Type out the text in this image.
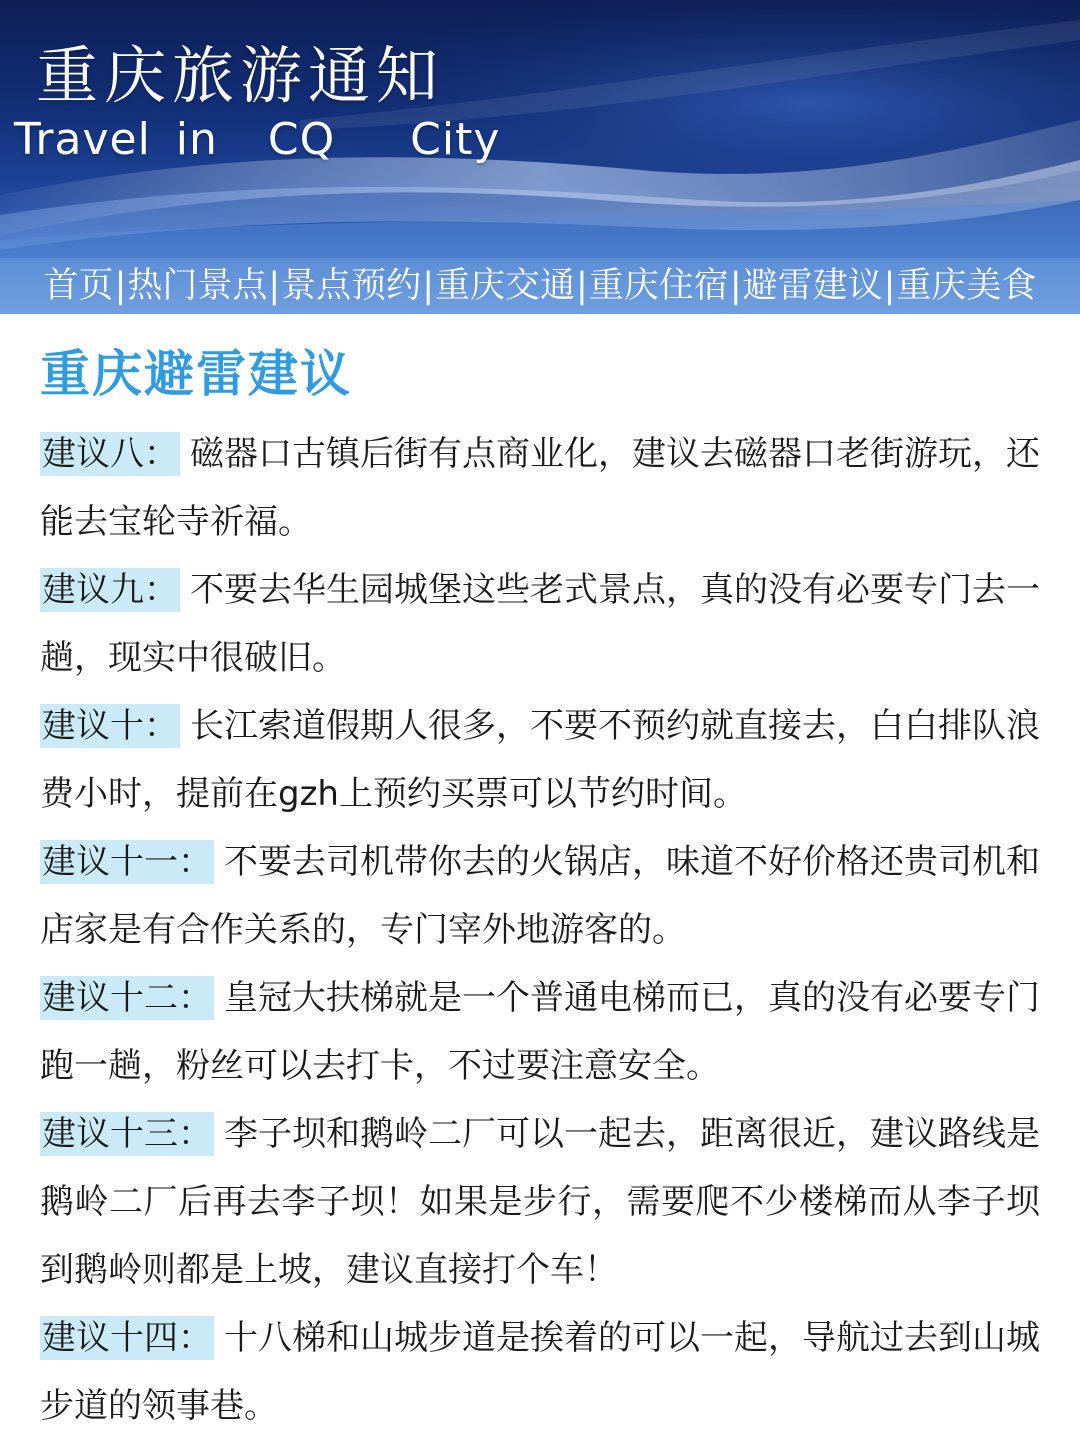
重庆旅游通知
Travel in  CQ   City
首页 | 热门景点 | 景点预约 | 重庆交通 | 重庆住宿 | 避雷建议 | 重庆美食
重庆避雷建议

建议八： 磁器口古镇后街有点商业化，建议去磁器口老街游玩，还能去宝轮寺祈福。

建议九： 不要去华生园城堡这些老式景点，真的没有必要专门去一趟，现实中很破旧。

建议十： 长江索道假期人很多，不要不预约就直接去，白白排队浪费小时，提前在gzh上预约买票可以节约时间。

建议十一： 不要去司机带你去的火锅店，味道不好价格还贵司机和店家是有合作关系的，专门宰外地游客的。

建议十二： 皇冠大扶梯就是一个普通电梯而已，真的没有必要专门跑一趟，粉丝可以去打卡，不过要注意安全。

建议十三： 李子坝和鹅岭二厂可以一起去，距离很近，建议路线是鹅岭二厂后再去李子坝！如果是步行，需要爬不少楼梯而从李子坝到鹅岭则都是上坡，建议直接打个车！

建议十四： 十八梯和山城步道是挨着的可以一起，导航过去到山城步道的领事巷。
